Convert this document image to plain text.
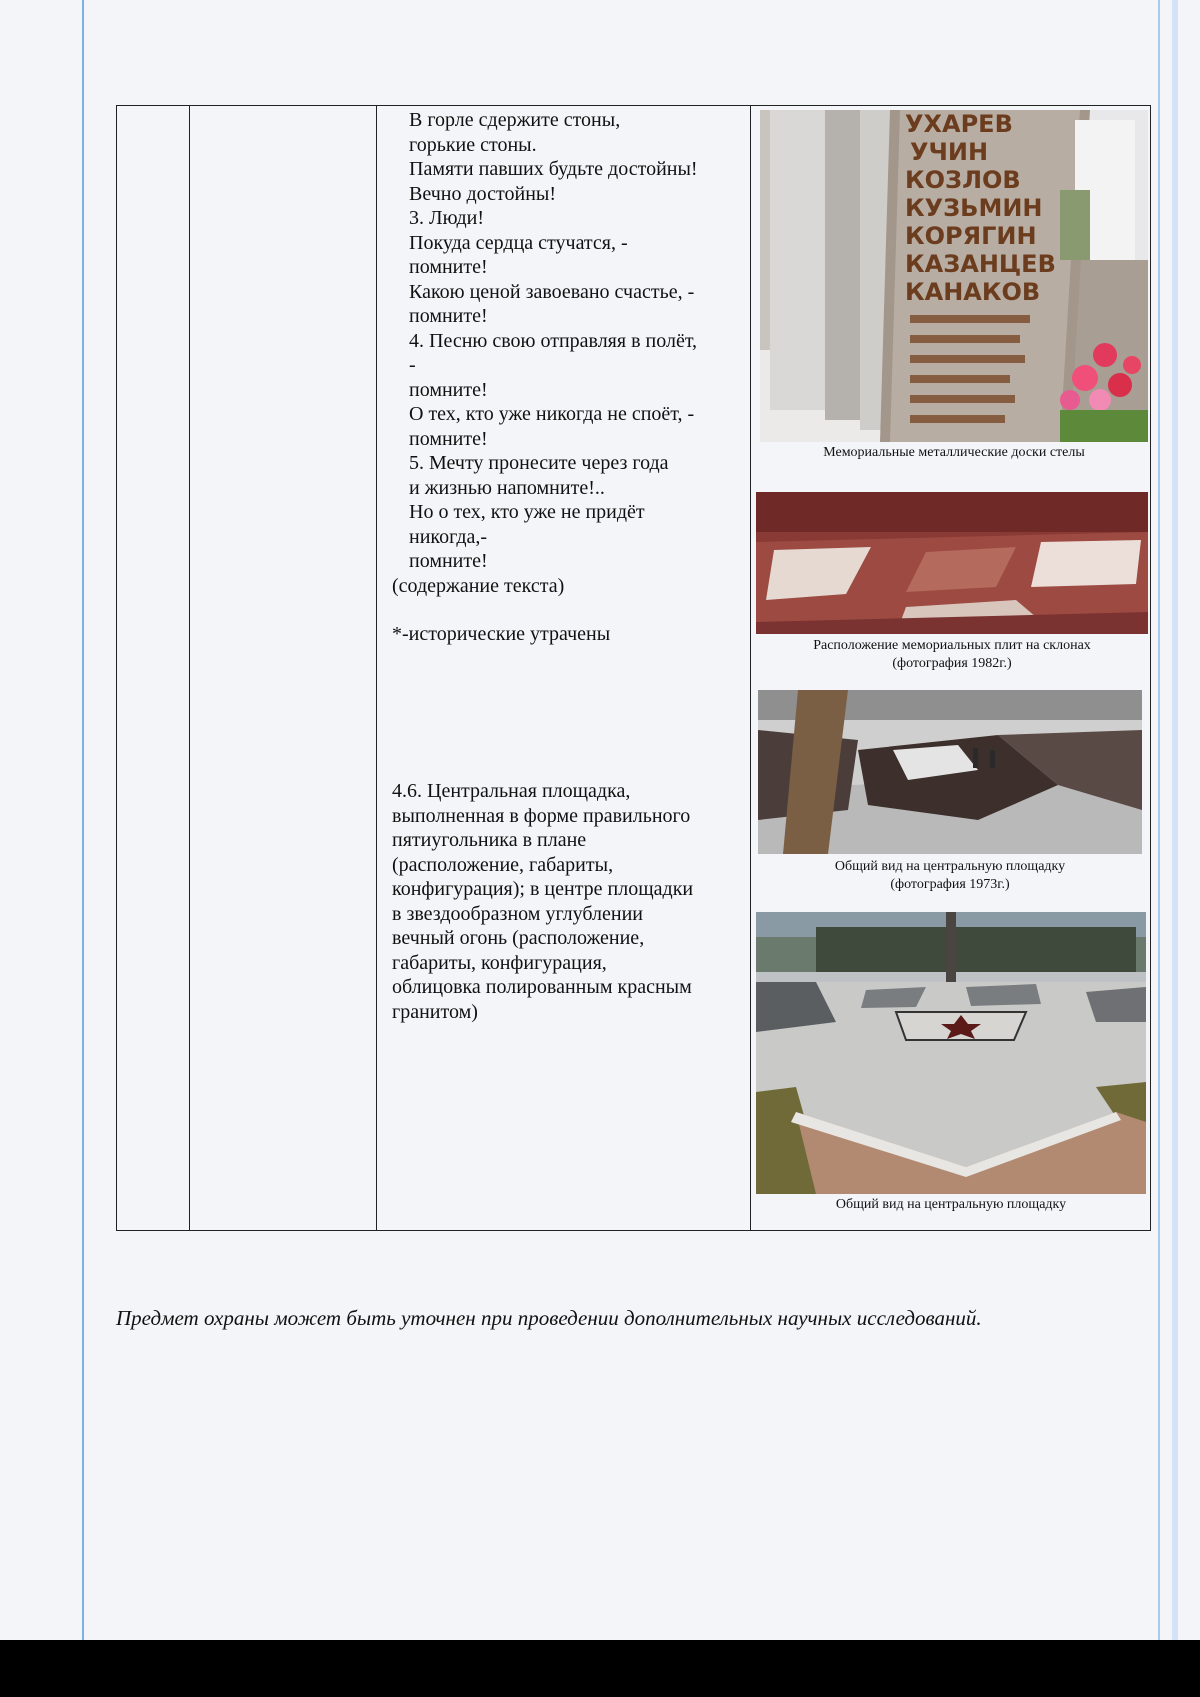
В горле сдержите стоны,
горькие стоны.
Памяти павших будьте достойны!
Вечно достойны!
3. Люди!
Покуда сердца стучатся, -
помните!
Какою ценой завоевано счастье, -
помните!
4. Песню свою отправляя в полёт,
-
помните!
О тех, кто уже никогда не споёт, -
помните!
5. Мечту пронесите через года
и жизнью напомните!..
Но о тех, кто уже не придёт
никогда,-
помните!
(содержание текста)
*-исторические утрачены
4.6. Центральная площадка,
выполненная в форме правильного
пятиугольника в плане
(расположение, габариты,
конфигурация); в центре площадки
в звездообразном углублении
вечный огонь (расположение,
габариты, конфигурация,
облицовка полированным красным
гранитом)
УХАРЕВ
УЧИН
КОЗЛОВ
КУЗЬМИН
КОРЯГИН
КАЗАНЦЕВ
КАНАКОВ
Мемориальные металлические доски стелы
Расположение мемориальных плит на склонах
(фотография 1982г.)
Общий вид на центральную площадку
(фотография 1973г.)
Общий вид на центральную площадку
Предмет охраны может быть уточнен при проведении дополнительных научных исследований.
